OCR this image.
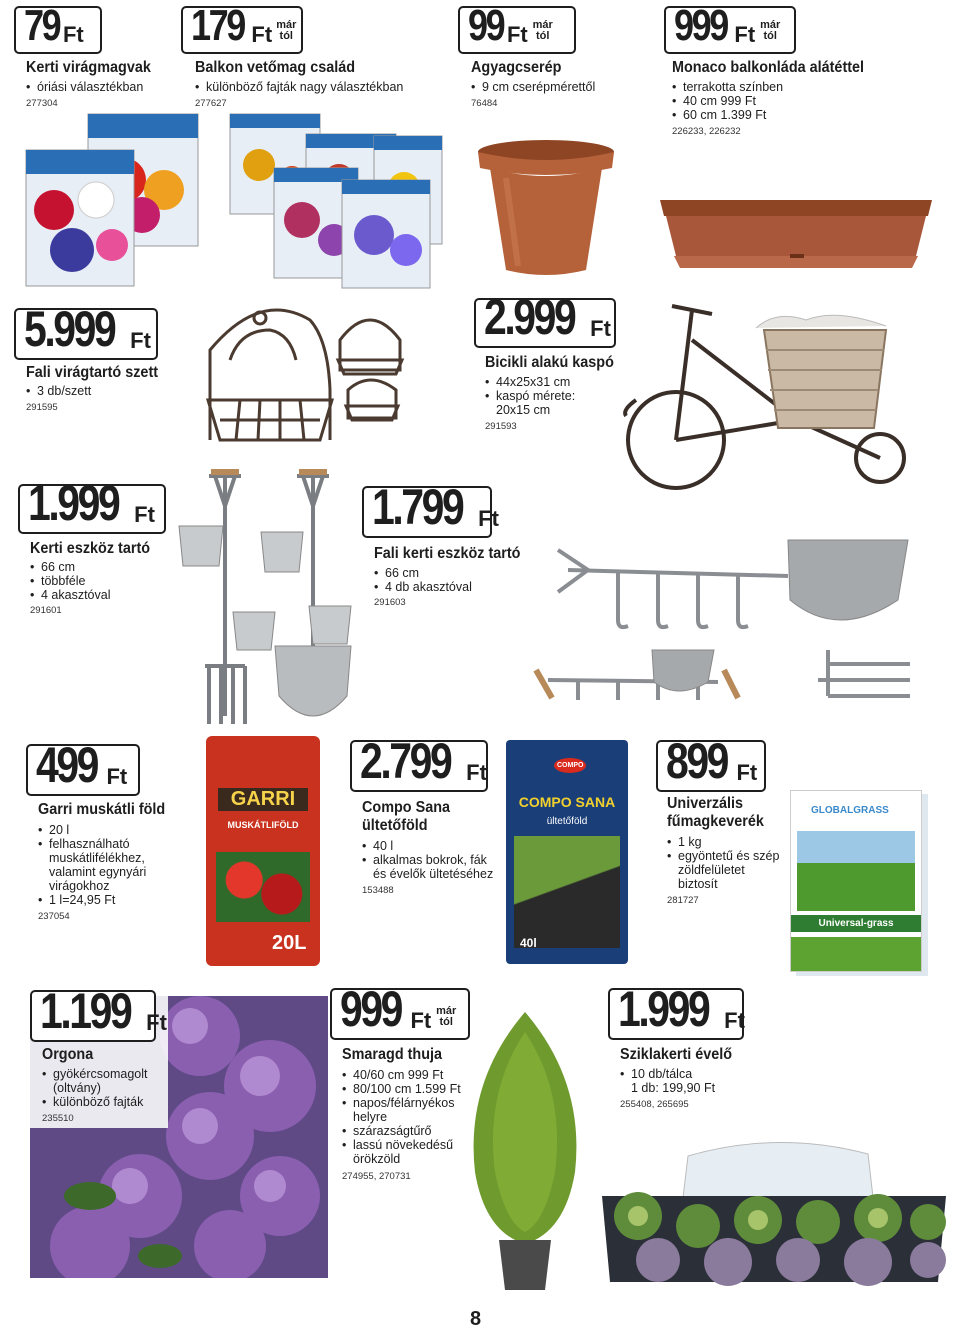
79 Ft
Kerti virágmagvak
• óriási választékban
277304
179 Ft már tól
Balkon vetőmag család
• különböző fajták nagy választékban
277627
99 Ft már tól
Agyagcserép
• 9 cm cserépmérettől
76484
999 Ft már tól
Monaco balkonláda alátéttel
• terrakotta színben
• 40 cm 999 Ft
• 60 cm 1.399 Ft
226233, 226232
5.999 Ft
Fali virágtartó szett
• 3 db/szett
291595
2.999 Ft
Bicikli alakú kaspó
• 44x25x31 cm
• kaspó mérete:
20x15 cm
291593
1.999 Ft
Kerti eszköz tartó
• 66 cm
• többféle
• 4 akasztóval
291601
1.799 Ft
Fali kerti eszköz tartó
• 66 cm
• 4 db akasztóval
291603
499 Ft
Garri muskátli föld
• 20 l
• felhasználható
muskátlifélékhez,
valamint egynyári
virágokhoz
• 1 l=24,95 Ft
237054
GARRI
MUSKÁTLIFÖLD
20L
2.799 Ft
Compo Sana
ültetőföld
• 40 l
• alkalmas bokrok, fák
és évelők ültetéséhez
153488
COMPO
COMPO SANA
ültetőföld
40l
899 Ft
Univerzális
fűmagkeverék
• 1 kg
• egyöntetű és szép
zöldfelületet
biztosít
281727
GLOBALGRASS
Universal-grass
1.199 Ft
Orgona
• gyökércsomagolt
(oltvány)
• különböző fajták
235510
999 Ft már tól
Smaragd thuja
• 40/60 cm 999 Ft
• 80/100 cm 1.599 Ft
• napos/félárnyékos
helyre
• szárazságtűrő
• lassú növekedésű
örökzöld
274955, 270731
1.999 Ft
Sziklakerti évelő
• 10 db/tálca
1 db: 199,90 Ft
255408, 265695
8
